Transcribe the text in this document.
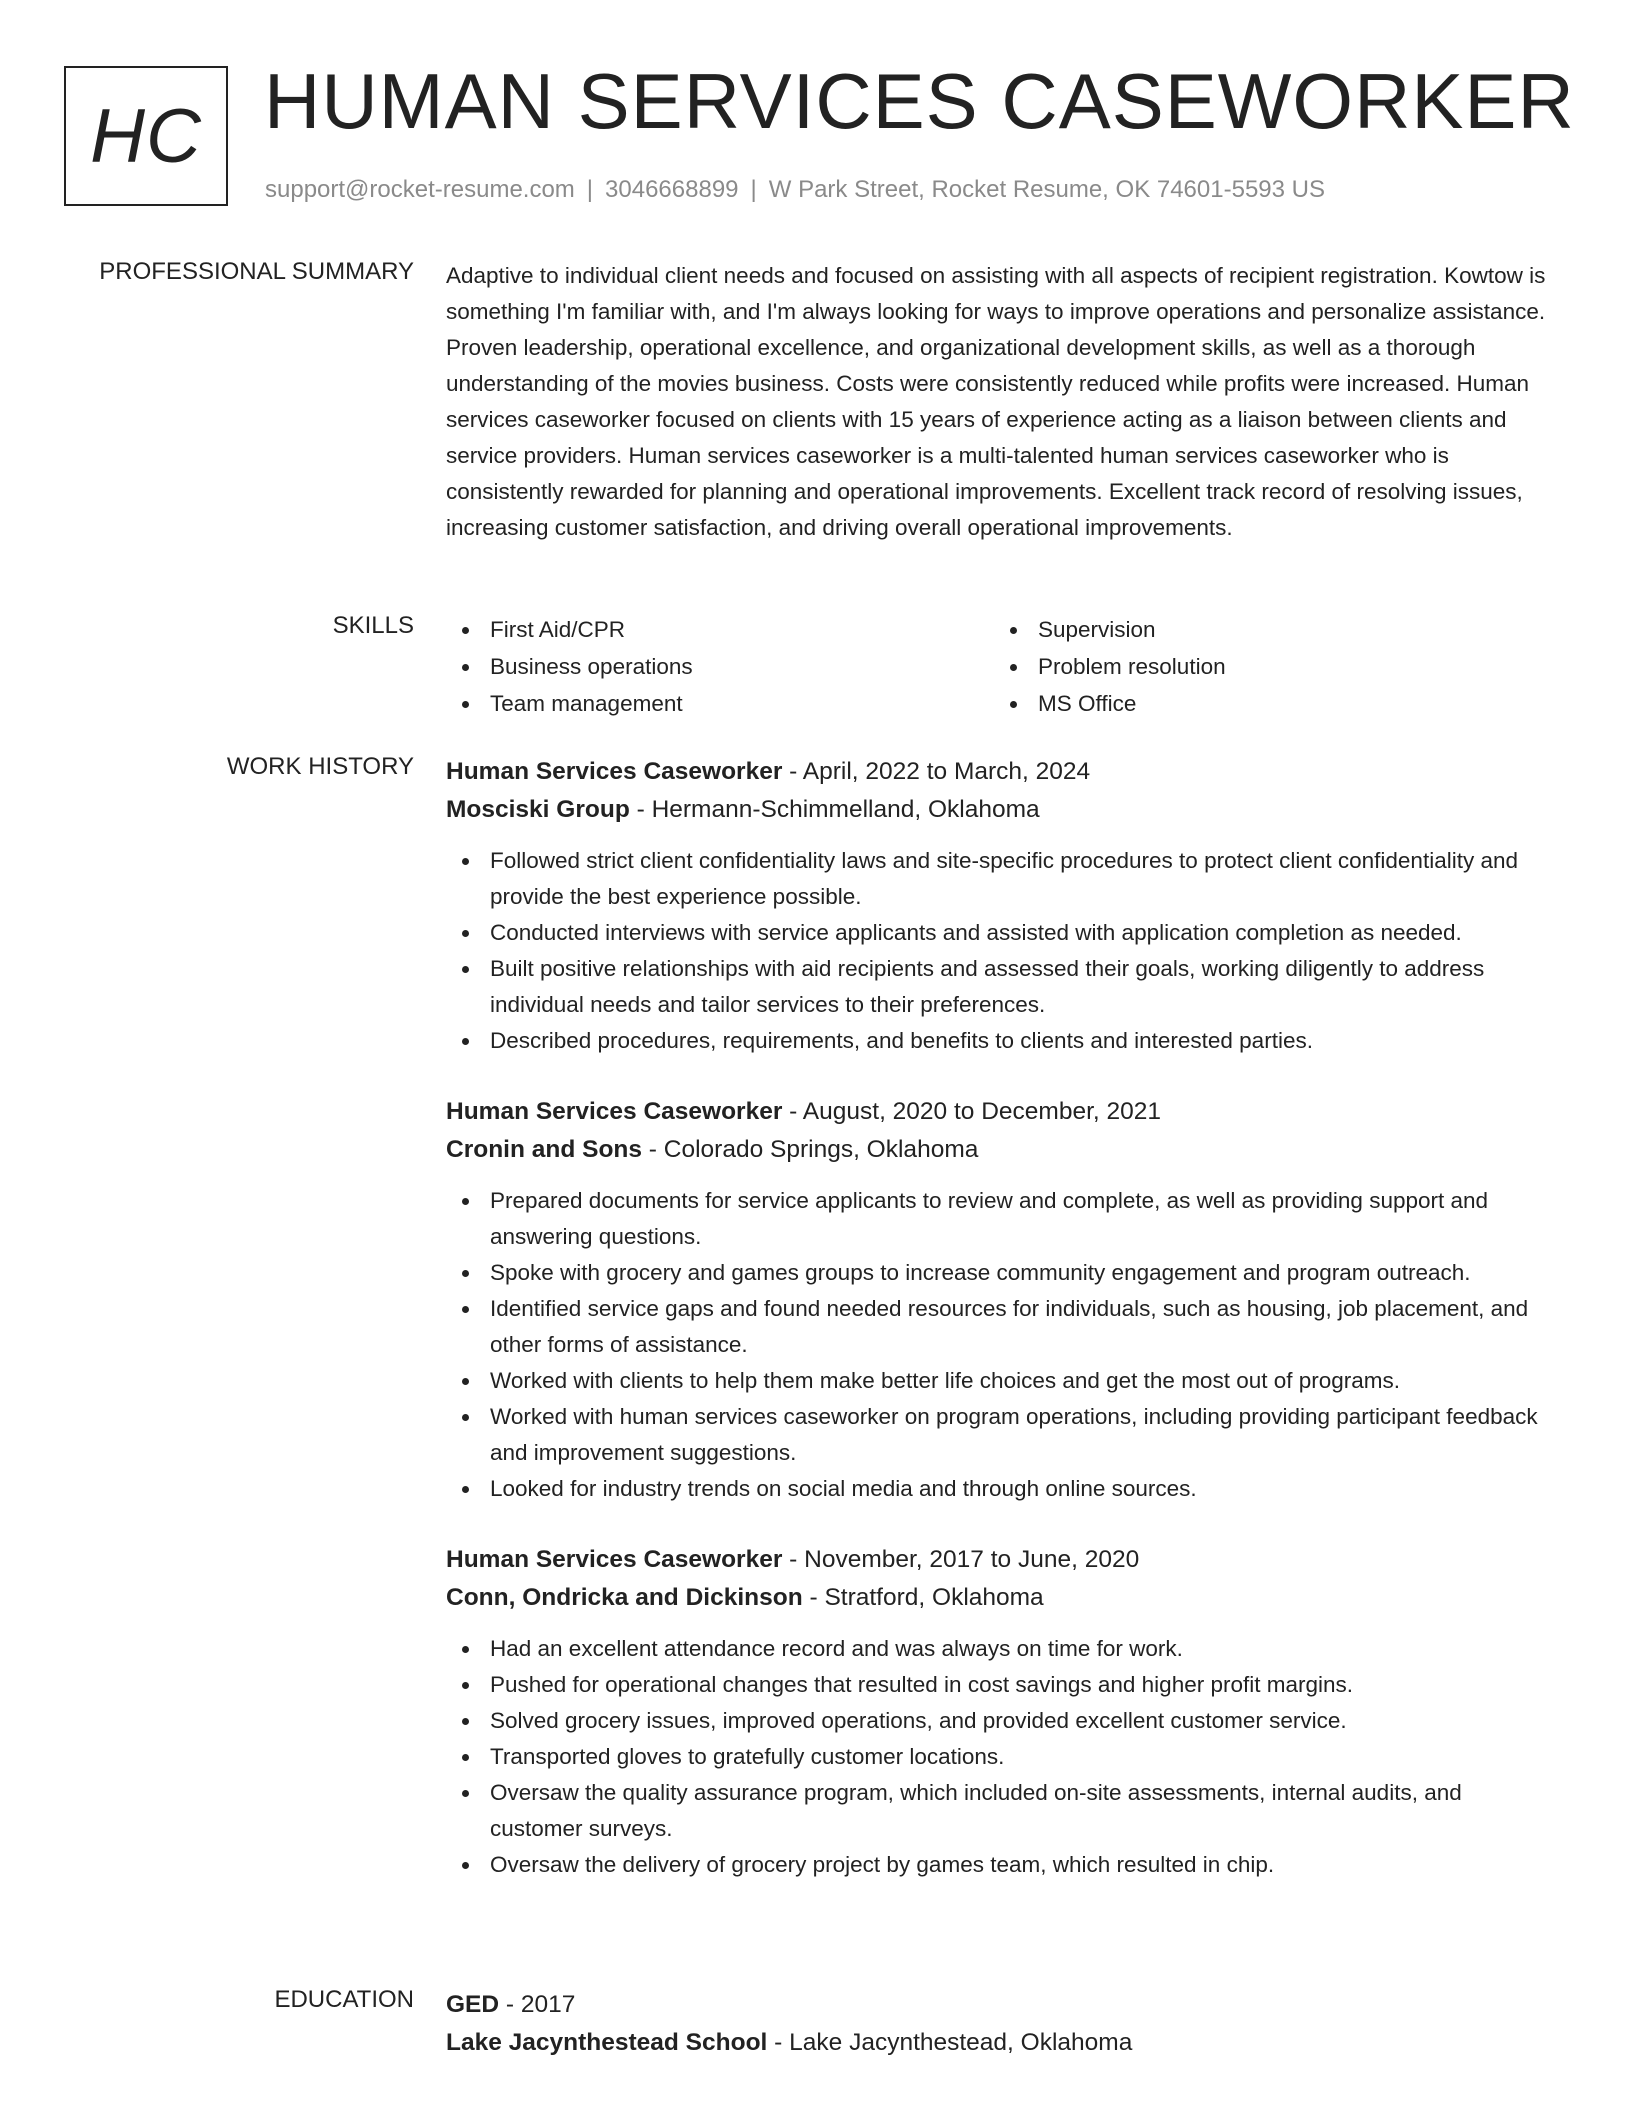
HC HUMAN SERVICES CASEWORKER
support@rocket-resume.com | 3046668899 | W Park Street, Rocket Resume, OK 74601-5593 US
PROFESSIONAL SUMMARY Adaptive to individual client needs and focused on assisting with all aspects of recipient registration. Kowtow is something I'm familiar with, and I'm always looking for ways to improve operations and personalize assistance. Proven leadership, operational excellence, and organizational development skills, as well as a thorough understanding of the movies business. Costs were consistently reduced while profits were increased. Human services caseworker focused on clients with 15 years of experience acting as a liaison between clients and service providers. Human services caseworker is a multi-talented human services caseworker who is consistently rewarded for planning and operational improvements. Excellent track record of resolving issues, increasing customer satisfaction, and driving overall operational improvements.

SKILLS	First Aid/CPR	Supervision
Business operations	Problem resolution
Team management	MS Office
WORK HISTORY Human Services Caseworker - April, 2022 to March, 2024
Mosciski Group - Hermann-Schimmelland, Oklahoma
Followed strict client confidentiality laws and site-specific procedures to protect client confidentiality and provide the best experience possible.
Conducted interviews with service applicants and assisted with application completion as needed.
Built positive relationships with aid recipients and assessed their goals, working diligently to address individual needs and tailor services to their preferences.
Described procedures, requirements, and benefits to clients and interested parties.
Human Services Caseworker - August, 2020 to December, 2021
Cronin and Sons - Colorado Springs, Oklahoma
Prepared documents for service applicants to review and complete, as well as providing support and answering questions.
Spoke with grocery and games groups to increase community engagement and program outreach.
Identified service gaps and found needed resources for individuals, such as housing, job placement, and other forms of assistance.
Worked with clients to help them make better life choices and get the most out of programs.
Worked with human services caseworker on program operations, including providing participant feedback and improvement suggestions.
Looked for industry trends on social media and through online sources.
Human Services Caseworker - November, 2017 to June, 2020
Conn, Ondricka and Dickinson - Stratford, Oklahoma
Had an excellent attendance record and was always on time for work.
Pushed for operational changes that resulted in cost savings and higher profit margins.
Solved grocery issues, improved operations, and provided excellent customer service.
Transported gloves to gratefully customer locations.
Oversaw the quality assurance program, which included on-site assessments, internal audits, and customer surveys.
Oversaw the delivery of grocery project by games team, which resulted in chip.
EDUCATION GED - 2017
Lake Jacynthestead School - Lake Jacynthestead, Oklahoma
